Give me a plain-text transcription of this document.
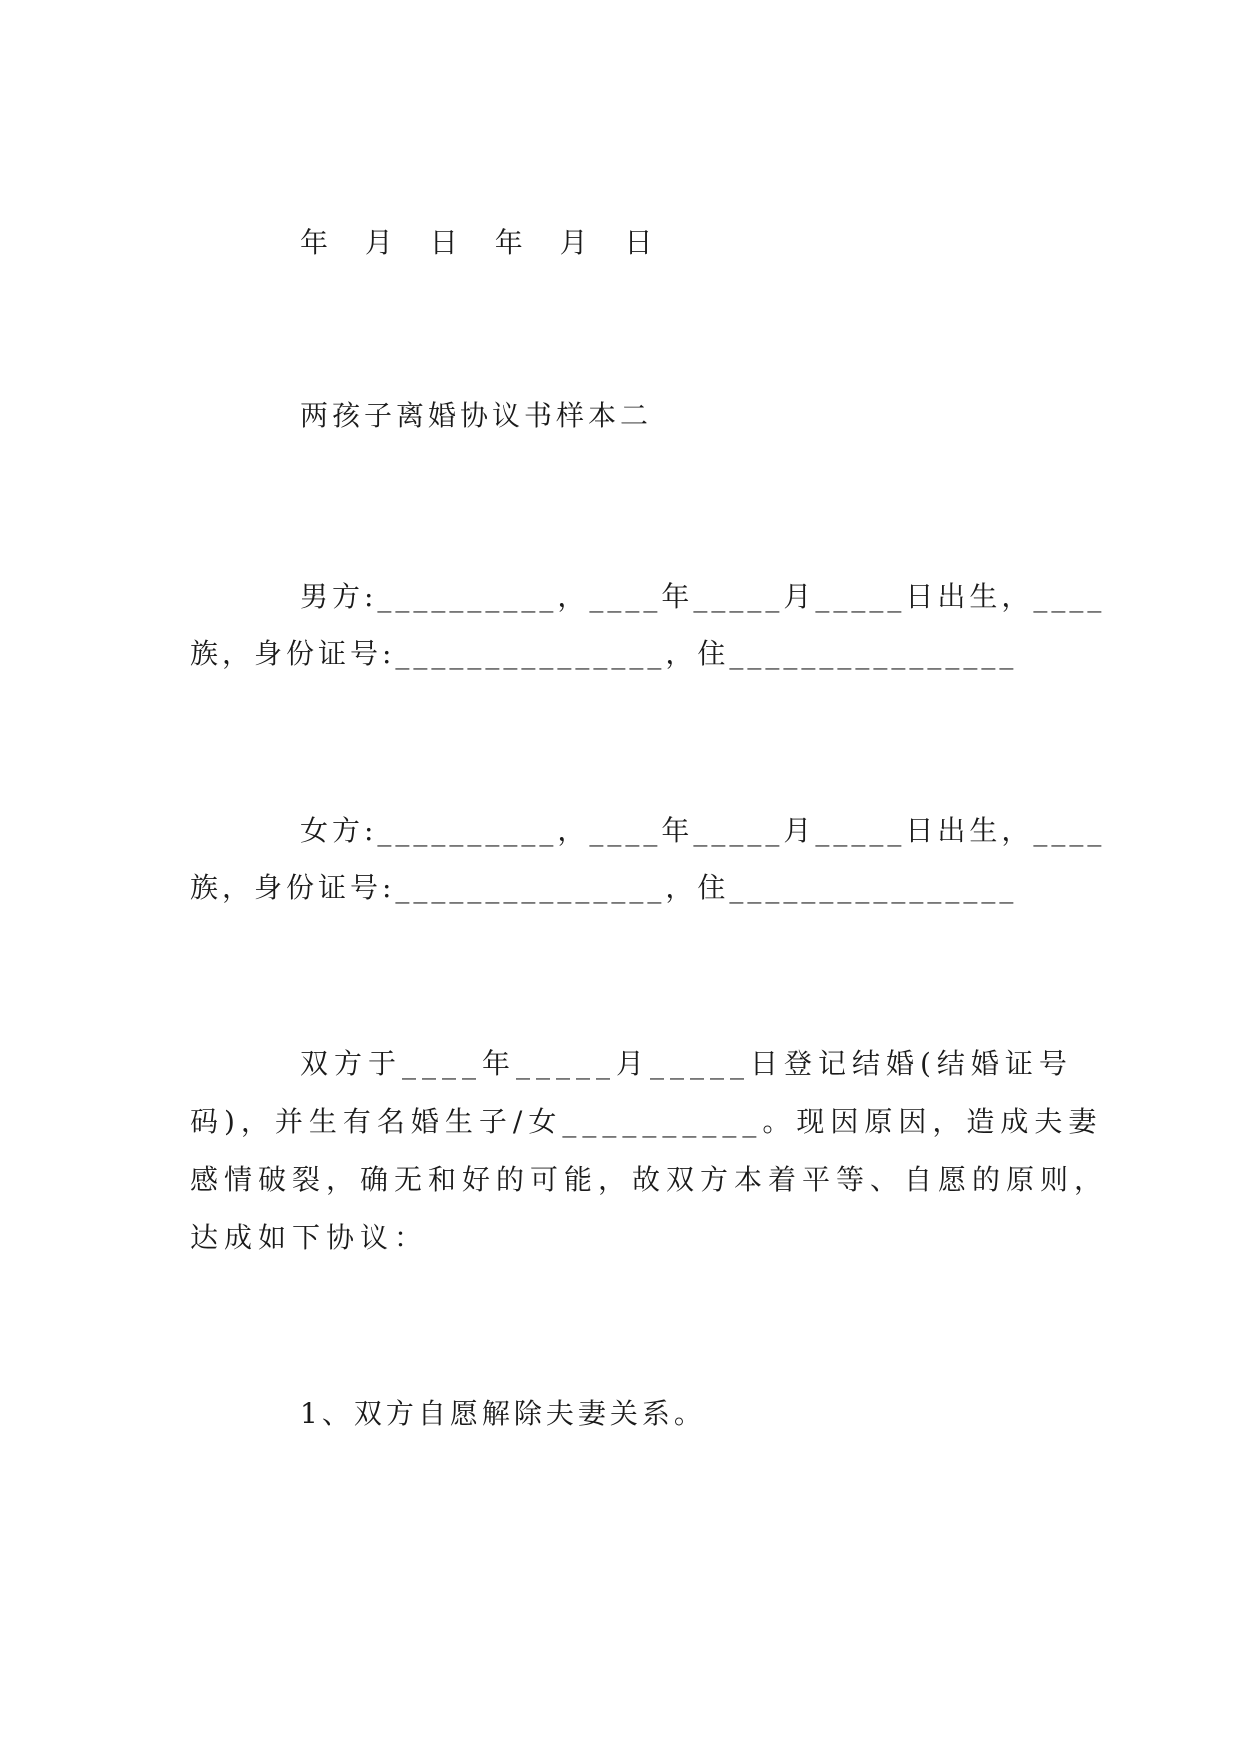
年 月 日 年 月 日
两孩子离婚协议书样本二
男方:__________，____年_____月_____日出生，____
族，身份证号:_______________，住________________
女方:__________，____年_____月_____日出生，____
族，身份证号:_______________，住________________
双方于____年_____月_____日登记结婚(结婚证号
码)，并生有名婚生子/女__________。现因原因，造成夫妻
感情破裂，确无和好的可能，故双方本着平等、自愿的原则，
达成如下协议：
1、双方自愿解除夫妻关系。
